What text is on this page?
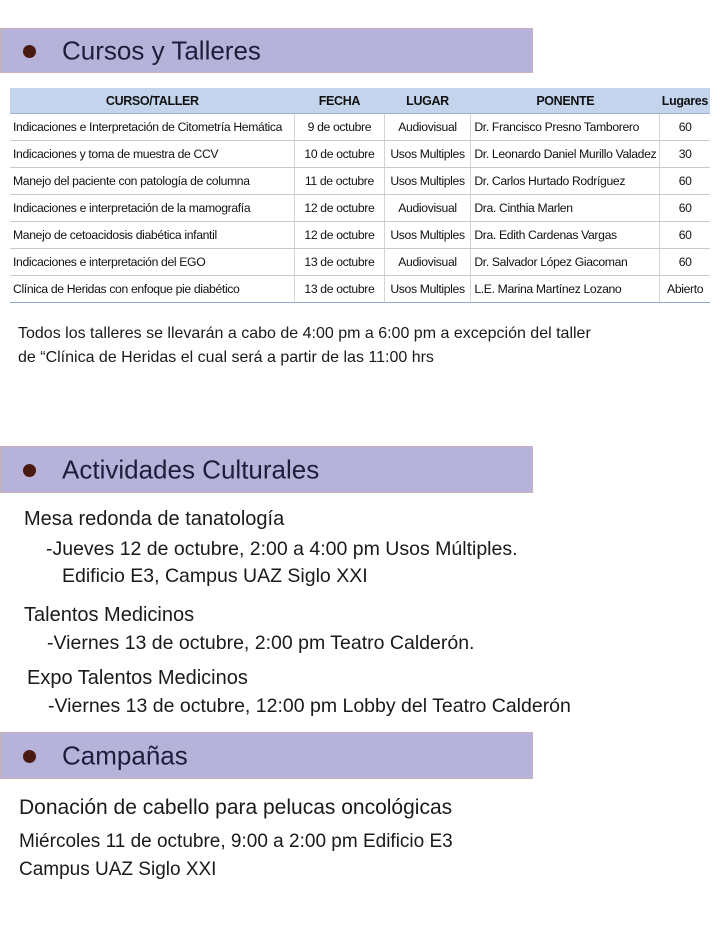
Cursos y Talleres
CURSO/TALLER	FECHA	LUGAR	PONENTE	Lugares
Indicaciones e Interpretación de Citometría Hemática	9 de octubre	Audiovisual	Dr. Francisco Presno Tamborero	60
Indicaciones y toma de muestra de CCV	10 de octubre	Usos Multiples	Dr. Leonardo Daniel Murillo Valadez	30
Manejo del paciente con patología de columna	11 de octubre	Usos Multiples	Dr. Carlos Hurtado Rodríguez	60
Indicaciones e interpretación de la mamografía	12 de octubre	Audiovisual	Dra. Cinthia Marlen	60
Manejo de cetoacidosis diabética infantil	12 de octubre	Usos Multiples	Dra. Edith Cardenas Vargas	60
Indicaciones e interpretación del EGO	13 de octubre	Audiovisual	Dr. Salvador López Giacoman	60
Clínica de Heridas con enfoque pie diabético	13 de octubre	Usos Multiples	L.E. Marina Martínez Lozano	Abierto
Todos los talleres se llevarán a cabo de 4:00 pm a 6:00 pm a excepción del taller
de “Clínica de Heridas el cual será a partir de las 11:00 hrs
Actividades Culturales
Mesa redonda de tanatología
-Jueves 12 de octubre, 2:00 a 4:00 pm Usos Múltiples.
Edificio E3, Campus UAZ Siglo XXI
Talentos Medicinos
-Viernes 13 de octubre, 2:00 pm Teatro Calderón.
Expo Talentos Medicinos
-Viernes 13 de octubre, 12:00 pm Lobby del Teatro Calderón
Campañas
Donación de cabello para pelucas oncológicas
Miércoles 11 de octubre, 9:00 a 2:00 pm Edificio E3
Campus UAZ Siglo XXI
